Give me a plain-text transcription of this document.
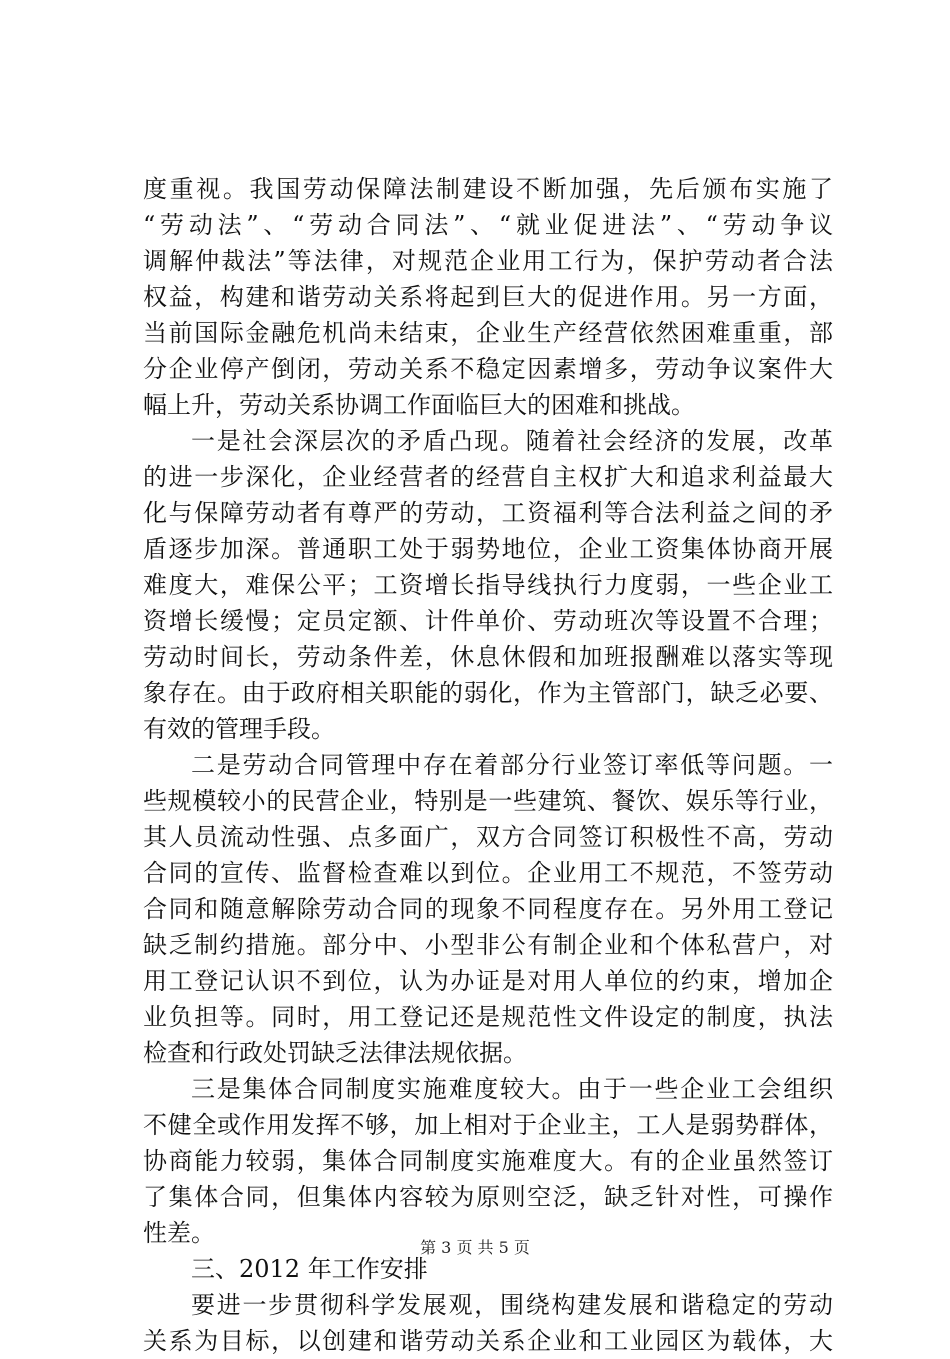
度重视。我国劳动保障法制建设不断加强，先后颁布实施了
“劳动法”、“劳动合同法”、“就业促进法”、“劳动争议
调解仲裁法”等法律，对规范企业用工行为，保护劳动者合法
权益，构建和谐劳动关系将起到巨大的促进作用。另一方面，
当前国际金融危机尚未结束，企业生产经营依然困难重重，部
分企业停产倒闭，劳动关系不稳定因素增多，劳动争议案件大
幅上升，劳动关系协调工作面临巨大的困难和挑战。
一是社会深层次的矛盾凸现。随着社会经济的发展，改革
的进一步深化，企业经营者的经营自主权扩大和追求利益最大
化与保障劳动者有尊严的劳动，工资福利等合法利益之间的矛
盾逐步加深。普通职工处于弱势地位，企业工资集体协商开展
难度大，难保公平；工资增长指导线执行力度弱，一些企业工
资增长缓慢；定员定额、计件单价、劳动班次等设置不合理；
劳动时间长，劳动条件差，休息休假和加班报酬难以落实等现
象存在。由于政府相关职能的弱化，作为主管部门，缺乏必要、
有效的管理手段。
二是劳动合同管理中存在着部分行业签订率低等问题。一
些规模较小的民营企业，特别是一些建筑、餐饮、娱乐等行业，
其人员流动性强、点多面广，双方合同签订积极性不高，劳动
合同的宣传、监督检查难以到位。企业用工不规范，不签劳动
合同和随意解除劳动合同的现象不同程度存在。另外用工登记
缺乏制约措施。部分中、小型非公有制企业和个体私营户，对
用工登记认识不到位，认为办证是对用人单位的约束，增加企
业负担等。同时，用工登记还是规范性文件设定的制度，执法
检查和行政处罚缺乏法律法规依据。
三是集体合同制度实施难度较大。由于一些企业工会组织
不健全或作用发挥不够，加上相对于企业主，工人是弱势群体，
协商能力较弱，集体合同制度实施难度大。有的企业虽然签订
了集体合同，但集体内容较为原则空泛，缺乏针对性，可操作
性差。
三、2012 年工作安排
要进一步贯彻科学发展观，围绕构建发展和谐稳定的劳动
关系为目标，以创建和谐劳动关系企业和工业园区为载体，大
第 3 页 共 5 页
